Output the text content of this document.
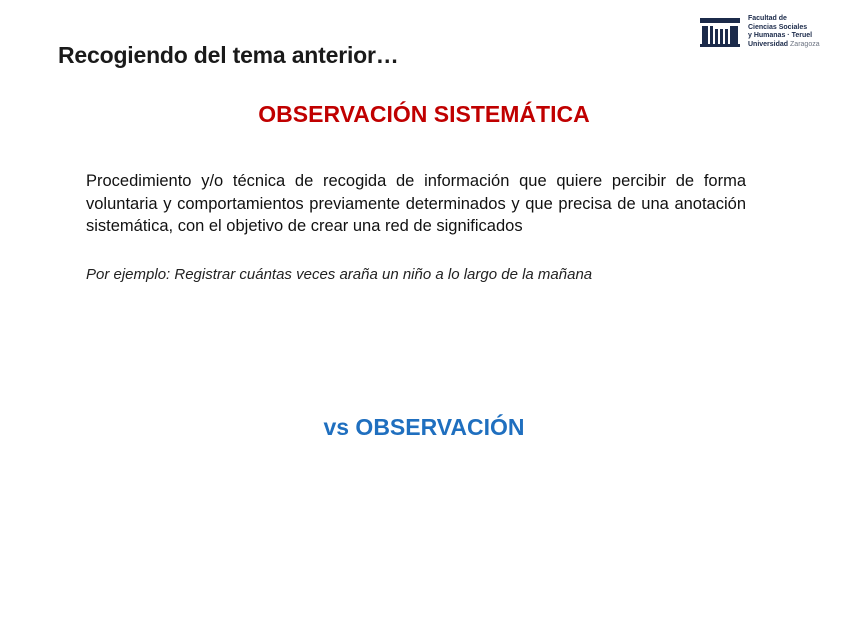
Facultad de
Ciencias Sociales
y Humanas · Teruel
Universidad Zaragoza
Recogiendo del tema anterior…
OBSERVACIÓN SISTEMÁTICA

Procedimiento y/o técnica de recogida de información que quiere percibir de forma voluntaria y comportamientos previamente determinados y que precisa de una anotación sistemática, con el objetivo de crear una red de significados

Por ejemplo: Registrar cuántas veces araña un niño a lo largo de la mañana

vs OBSERVACIÓN
